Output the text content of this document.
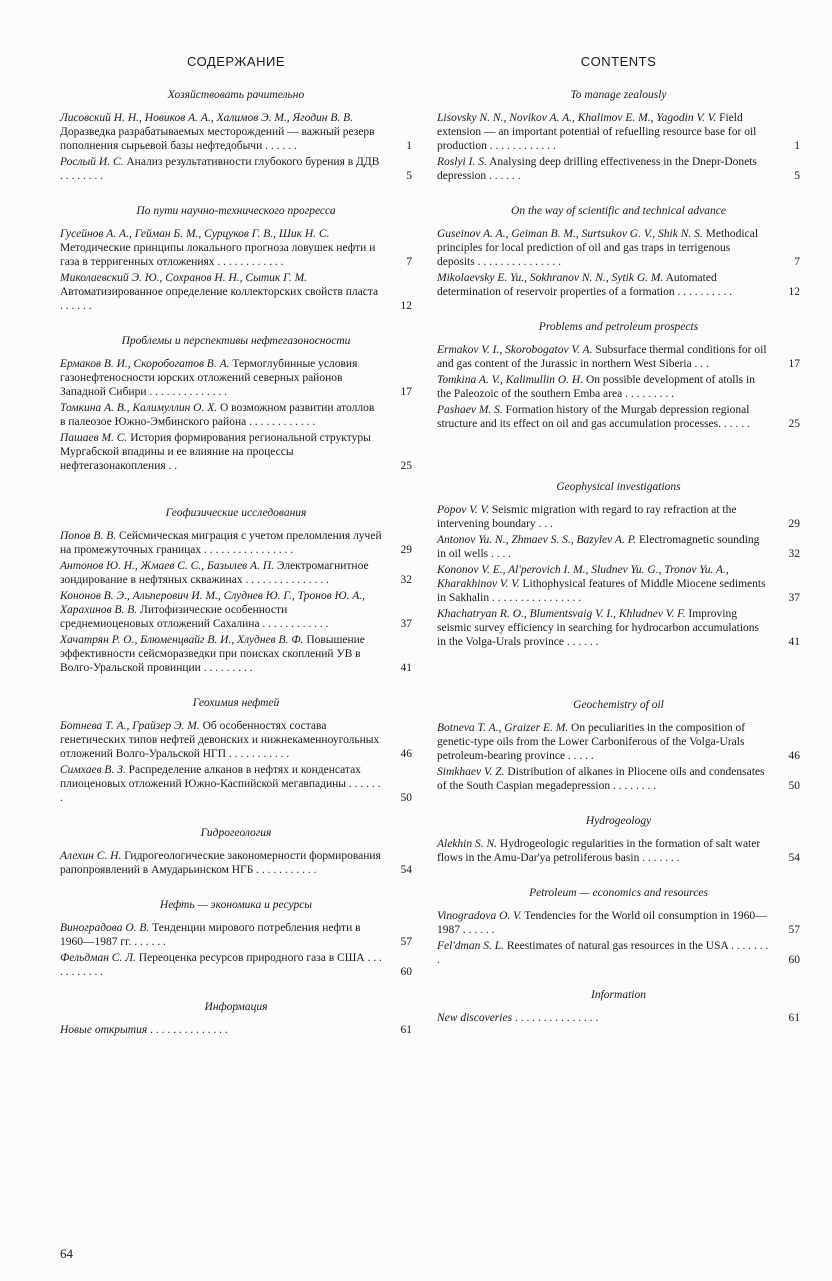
СОДЕРЖАНИЕ
Хозяйствовать рачительно
Лисовский Н. Н., Новиков А. А., Халимов Э. М., Ягодин В. В. Доразведка разрабатываемых месторождений — важный резерв пополнения сырьевой базы нефтедобычи . . . . . .	1
Рослый И. С. Анализ результативности глубокого бурения в ДДВ . . . . . . . .	5
По пути научно-технического прогресса
Гусейнов А. А., Гейман Б. М., Сурцуков Г. В., Шик Н. С. Методические принципы локального прогноза ловушек нефти и газа в терригенных отложениях . . . . . . . . . . . .	7
Миколаевский Э. Ю., Сохранов Н. Н., Сытик Г. М. Автоматизированное определение коллекторских свойств пласта . . . . . .	12
Проблемы и перспективы нефтегазоносности
Ермаков В. И., Скоробогатов В. А. Термоглубинные условия газонефтеносности юрских отложений северных районов Западной Сибири . . . . . . . . . . . . . .	17
Томкина А. В., Калимуллин О. Х. О возможном развитии атоллов в палеозое Южно-Эмбинского района . . . . . . . . . . . .
Пашаев М. С. История формирования региональной структуры Мургабской впадины и ее влияние на процессы нефтегазонакопления . .	25
Геофизические исследования
Попов В. В. Сейсмическая миграция с учетом преломления лучей на промежуточных границах . . . . . . . . . . . . . . . .	29
Антонов Ю. Н., Жмаев С. С., Базылев А. П. Электромагнитное зондирование в нефтяных скважинах . . . . . . . . . . . . . . .	32
Кононов В. Э., Альперович И. М., Слуднев Ю. Г., Тронов Ю. А., Харахинов В. В. Литофизические особенности среднемиоценовых отложений Сахалина . . . . . . . . . . . .	37
Хачатрян Р. О., Блюменцвайг В. И., Хлуднев В. Ф. Повышение эффективности сейсморазведки при поисках скоплений УВ в Волго-Уральской провинции . . . . . . . . .	41
Геохимия нефтей
Ботнева Т. А., Грайзер Э. М. Об особенностях состава генетических типов нефтей девонских и нижнекаменноугольных отложений Волго-Уральской НГП . . . . . . . . . . .	46
Симхаев В. З. Распределение алканов в нефтях и конденсатах плиоценовых отложений Южно-Каспийской мегавпадины . . . . . . .	50
Гидрогеология
Алехин С. Н. Гидрогеологические закономерности формирования рапопроявлений в Амударьинском НГБ . . . . . . . . . . .	54
Нефть — экономика и ресурсы
Виноградова О. В. Тенденции мирового потребления нефти в 1960—1987 гг. . . . . . .	57
Фельдман С. Л. Переоценка ресурсов природного газа в США . . . . . . . . . . .	60
Информация
Новые открытия . . . . . . . . . . . . . .	61
CONTENTS
To manage zealously
Lisovsky N. N., Novikov A. A., Khalimov E. M., Yagodin V. V. Field extension — an important potential of refuelling resource base for oil production . . . . . . . . . . . .	1
Roslyi I. S. Analysing deep drilling effectiveness in the Dnepr-Donets depression . . . . . .	5
On the way of scientific and technical advance
Guseinov A. A., Geiman B. M., Surtsukov G. V., Shik N. S. Methodical principles for local prediction of oil and gas traps in terrigenous deposits . . . . . . . . . . . . . . .	7
Mikolaevsky E. Yu., Sokhranov N. N., Sytik G. M. Automated determination of reservoir properties of a formation . . . . . . . . . .	12
Problems and petroleum prospects
Ermakov V. I., Skorobogatov V. A. Subsurface thermal conditions for oil and gas content of the Jurassic in northern West Siberia . . .	17
Tomkina A. V., Kalimullin O. H. On possible development of atolls in the Paleozoic of the southern Emba area . . . . . . . . .
Pashaev M. S. Formation history of the Murgab depression regional structure and its effect on oil and gas accumulation processes. . . . . .	25
Geophysical investigations
Popov V. V. Seismic migration with regard to ray refraction at the intervening boundary . . .	29
Antonov Yu. N., Zhmaev S. S., Bazylev A. P. Electromagnetic sounding in oil wells . . . .	32
Kononov V. E., Al'perovich I. M., Sludnev Yu. G., Tronov Yu. A., Kharakhinov V. V. Lithophysical features of Middle Miocene sediments in Sakhalin . . . . . . . . . . . . . . . .	37
Khachatryan R. O., Blumentsvaig V. I., Khludnev V. F. Improving seismic survey efficiency in searching for hydrocarbon accumulations in the Volga-Urals province . . . . . .	41
Geochemistry of oil
Botneva T. A., Graizer E. M. On peculiarities in the composition of genetic-type oils from the Lower Carboniferous of the Volga-Urals petroleum-bearing province . . . . .	46
Simkhaev V. Z. Distribution of alkanes in Pliocene oils and condensates of the South Caspian megadepression . . . . . . . .	50
Hydrogeology
Alekhin S. N. Hydrogeologic regularities in the formation of salt water flows in the Amu-Dar'ya petroliferous basin . . . . . . .	54
Petroleum — economics and resources
Vinogradova O. V. Tendencies for the World oil consumption in 1960—1987 . . . . . .	57
Fel'dman S. L. Reestimates of natural gas resources in the USA . . . . . . . .	60
Information
New discoveries . . . . . . . . . . . . . . .	61
64
